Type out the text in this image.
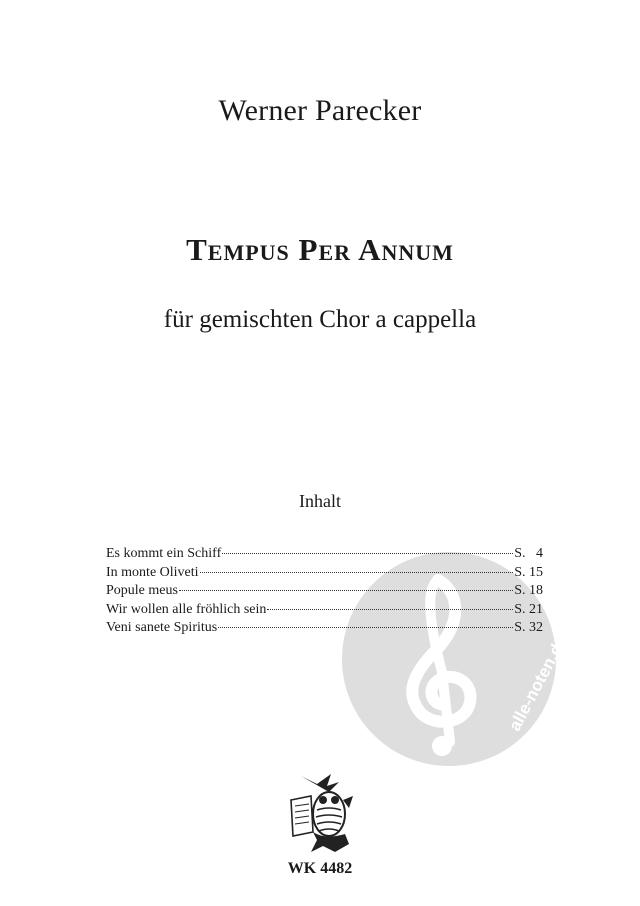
Werner Parecker
Tempus Per Annum
für gemischten Chor a cappella
Inhalt
Es kommt ein Schiff	S.   4
In monte Oliveti	S. 15
Popule meus	S. 18
Wir wollen alle fröhlich sein	S. 21
Veni sanete Spiritus	S. 32
alle-noten.de
WK 4482
